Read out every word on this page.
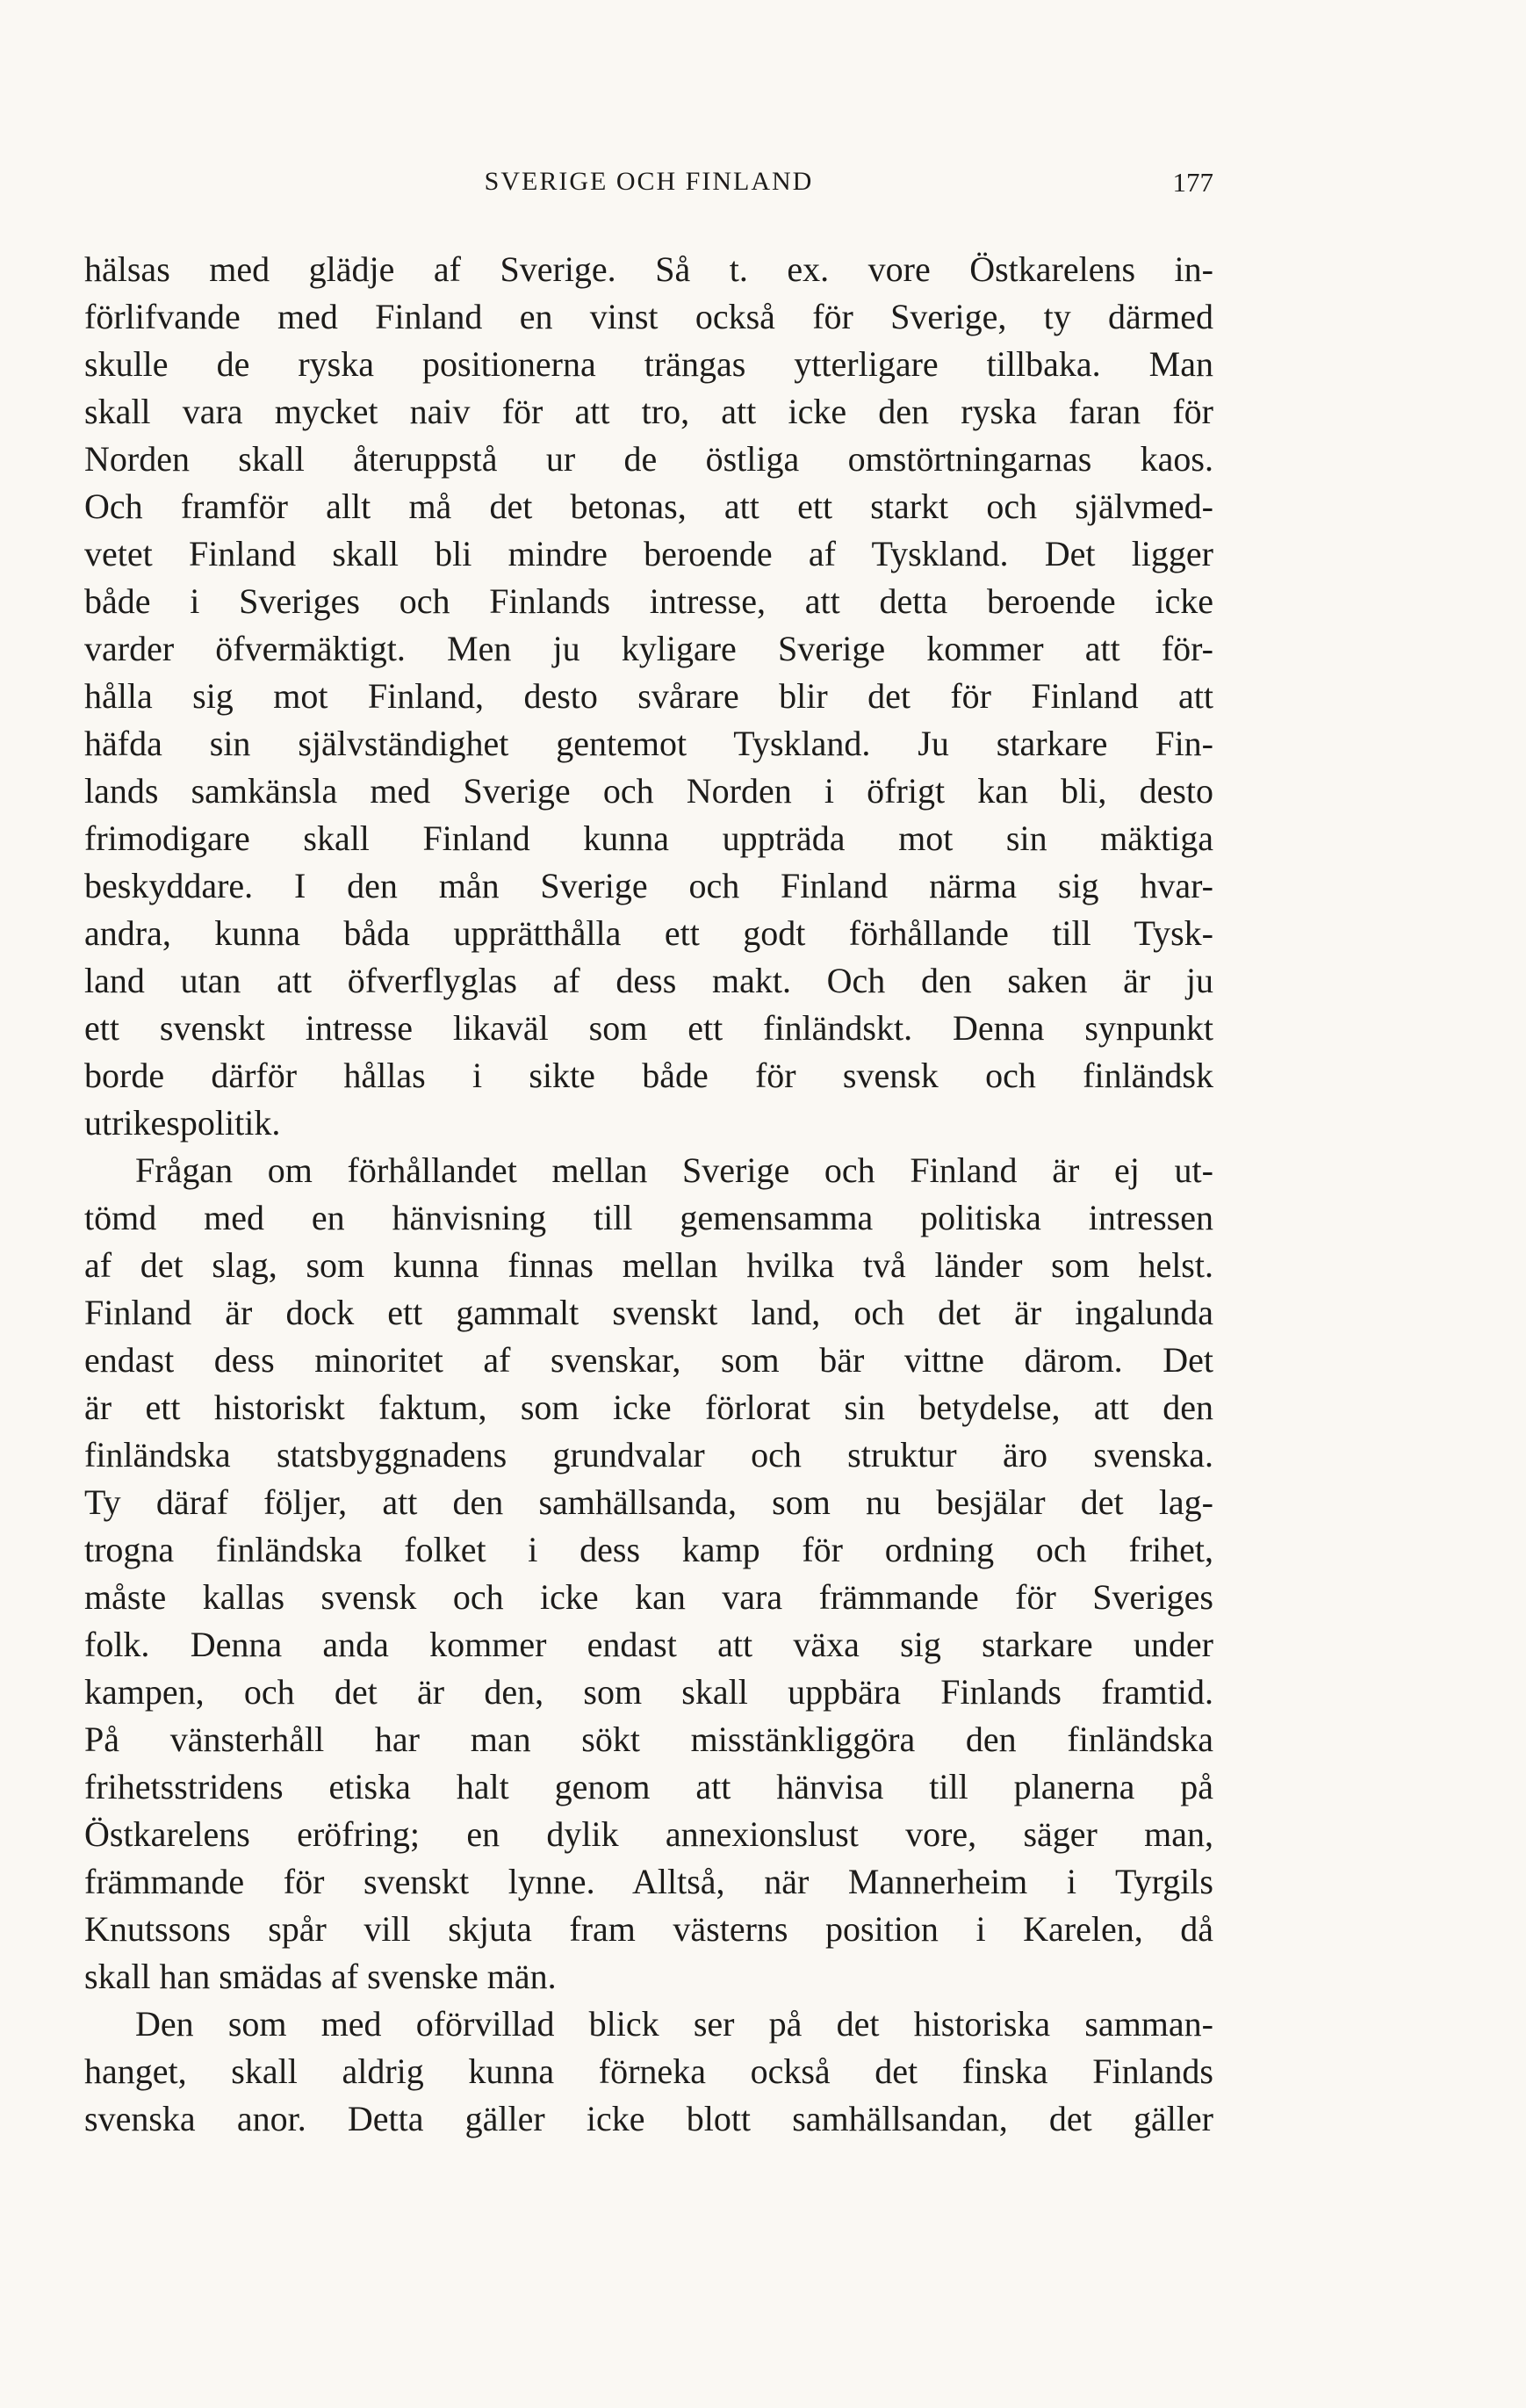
SVERIGE OCH FINLAND	177
hälsas med glädje af Sverige. Så t. ex. vore Östkarelens in-
förlifvande med Finland en vinst också för Sverige, ty därmed
skulle de ryska positionerna trängas ytterligare tillbaka. Man
skall vara mycket naiv för att tro, att icke den ryska faran för
Norden skall återuppstå ur de östliga omstörtningarnas kaos.
Och framför allt må det betonas, att ett starkt och självmed-
vetet Finland skall bli mindre beroende af Tyskland. Det ligger
både i Sveriges och Finlands intresse, att detta beroende icke
varder öfvermäktigt. Men ju kyligare Sverige kommer att för-
hålla sig mot Finland, desto svårare blir det för Finland att
häfda sin självständighet gentemot Tyskland. Ju starkare Fin-
lands samkänsla med Sverige och Norden i öfrigt kan bli, desto
frimodigare skall Finland kunna uppträda mot sin mäktiga
beskyddare. I den mån Sverige och Finland närma sig hvar-
andra, kunna båda upprätthålla ett godt förhållande till Tysk-
land utan att öfverflyglas af dess makt. Och den saken är ju
ett svenskt intresse likaväl som ett finländskt. Denna synpunkt
borde därför hållas i sikte både för svensk och finländsk
utrikespolitik.
Frågan om förhållandet mellan Sverige och Finland är ej ut-
tömd med en hänvisning till gemensamma politiska intressen
af det slag, som kunna finnas mellan hvilka två länder som helst.
Finland är dock ett gammalt svenskt land, och det är ingalunda
endast dess minoritet af svenskar, som bär vittne därom. Det
är ett historiskt faktum, som icke förlorat sin betydelse, att den
finländska statsbyggnadens grundvalar och struktur äro svenska.
Ty däraf följer, att den samhällsanda, som nu besjälar det lag-
trogna finländska folket i dess kamp för ordning och frihet,
måste kallas svensk och icke kan vara främmande för Sveriges
folk. Denna anda kommer endast att växa sig starkare under
kampen, och det är den, som skall uppbära Finlands framtid.
På vänsterhåll har man sökt misstänkliggöra den finländska
frihetsstridens etiska halt genom att hänvisa till planerna på
Östkarelens eröfring; en dylik annexionslust vore, säger man,
främmande för svenskt lynne. Alltså, när Mannerheim i Tyrgils
Knutssons spår vill skjuta fram västerns position i Karelen, då
skall han smädas af svenske män.
Den som med oförvillad blick ser på det historiska samman-
hanget, skall aldrig kunna förneka också det finska Finlands
svenska anor. Detta gäller icke blott samhällsandan, det gäller
